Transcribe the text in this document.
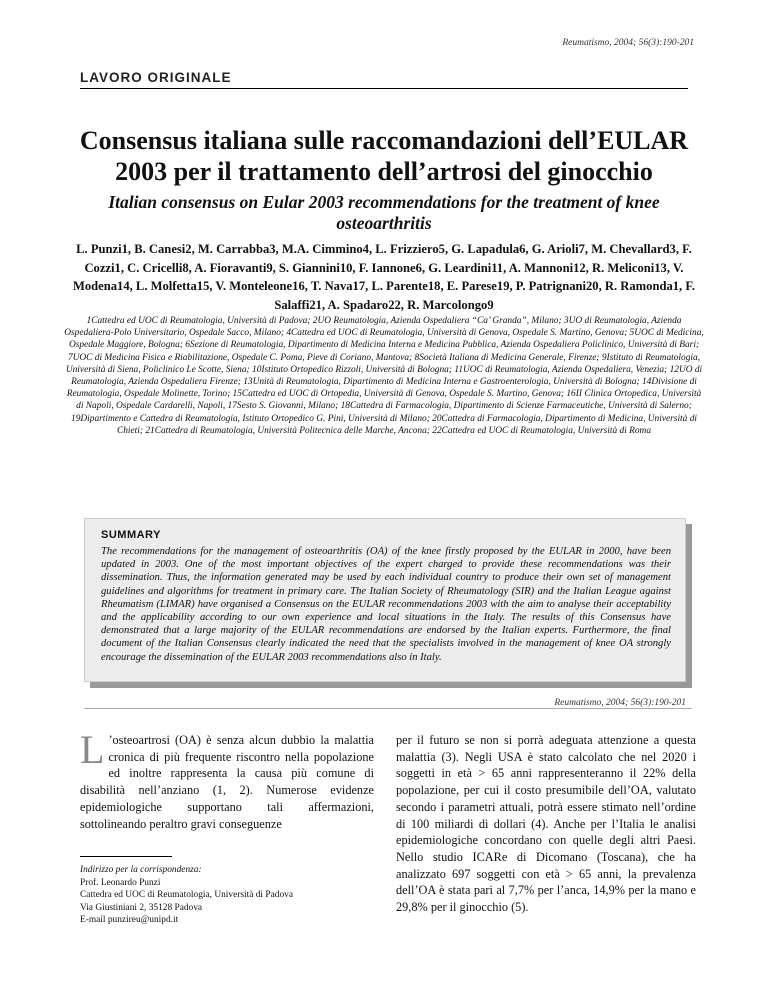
Reumatismo, 2004; 56(3):190-201
LAVORO ORIGINALE
Consensus italiana sulle raccomandazioni dell’EULAR 2003 per il trattamento dell’artrosi del ginocchio
Italian consensus on Eular 2003 recommendations for the treatment of knee osteoarthritis
L. Punzi1, B. Canesi2, M. Carrabba3, M.A. Cimmino4, L. Frizziero5, G. Lapadula6, G. Arioli7, M. Chevallard3, F. Cozzi1, C. Cricelli8, A. Fioravanti9, S. Giannini10, F. Iannone6, G. Leardini11, A. Mannoni12, R. Meliconi13, V. Modena14, L. Molfetta15, V. Monteleone16, T. Nava17, L. Parente18, E. Parese19, P. Patrignani20, R. Ramonda1, F. Salaffi21, A. Spadaro22, R. Marcolongo9
1Cattedra ed UOC di Reumatologia, Università di Padova; 2UO Reumatologia, Azienda Ospedaliera “Ca’ Granda”, Milano; 3UO di Reumatologia, Azienda Ospedaliera-Polo Universitario, Ospedale Sacco, Milano; 4Cattedra ed UOC di Reumatologia, Università di Genova, Ospedale S. Martino, Genova; 5UOC di Medicina, Ospedale Maggiore, Bologna; 6Sezione di Reumatologia, Dipartimento di Medicina Interna e Medicina Pubblica, Azienda Ospedaliera Policlinico, Università di Bari; 7UOC di Medicina Fisica e Riabilitazione, Ospedale C. Poma, Pieve di Coriano, Mantova; 8Società Italiana di Medicina Generale, Firenze; 9Istituto di Reumatologia, Università di Siena, Policlinico Le Scotte, Siena; 10Istituto Ortopedico Rizzoli, Università di Bologna; 11UOC di Reumatologia, Azienda Ospedaliera, Venezia; 12UO di Reumatologia, Azienda Ospedaliera Firenze; 13Unità di Reumatologia, Dipartimento di Medicina Interna e Gastroenterologia, Università di Bologna; 14Divisione di Reumatologia, Ospedale Molinette, Torino; 15Cattedra ed UOC di Ortopedia, Università di Genova, Ospedale S. Martino, Genova; 16II Clinica Ortopedica, Università di Napoli, Ospedale Cardarelli, Napoli, 17Sesto S. Giovanni, Milano; 18Cattedra di Farmacologia, Dipartimento di Scienze Farmaceutiche, Università di Salerno; 19Dipartimento e Cattedra di Reumatologia, Istituto Ortopedico G. Pini, Università di Milano; 20Cattedra di Farmacologia, Dipartimento di Medicina, Università di Chieti; 21Cattedra di Reumatologia, Università Politecnica delle Marche, Ancona; 22Cattedra ed UOC di Reumatologia, Università di Roma

SUMMARY

The recommendations for the management of osteoarthritis (OA) of the knee firstly proposed by the EULAR in 2000, have been updated in 2003. One of the most important objectives of the expert charged to provide these recommendations was their dissemination. Thus, the information generated may be used by each individual country to produce their own set of management guidelines and algorithms for treatment in primary care. The Italian Society of Rheumatology (SIR) and the Italian League against Rheumatism (LIMAR) have organised a Consensus on the EULAR recommendations 2003 with the aim to analyse their acceptability and the applicability according to our own experience and local situations in the Italy. The results of this Consensus have demonstrated that a large majority of the EULAR recommendations are endorsed by the Italian experts. Furthermore, the final document of the Italian Consensus clearly indicated the need that the specialists involved in the management of knee OA strongly encourage the dissemination of the EULAR 2003 recommendations also in Italy.

Reumatismo, 2004; 56(3):190-201
L ’osteoartrosi (OA) è senza alcun dubbio la malattia cronica di più frequente riscontro nella popolazione ed inoltre rappresenta la causa più comune di disabilità nell’anziano (1, 2). Numerose evidenze epidemiologiche supportano tali affermazioni, sottolineando peraltro gravi conseguenze
Indirizzo per la corrispondenza:
Prof. Leonardo Punzi
Cattedra ed UOC di Reumatologia, Università di Padova
Via Giustiniani 2, 35128 Padova
E-mail punzireu@unipd.it
per il futuro se non si porrà adeguata attenzione a questa malattia (3). Negli USA è stato calcolato che nel 2020 i soggetti in età > 65 anni rappresenteranno il 22% della popolazione, per cui il costo presumibile dell’OA, valutato secondo i parametri attuali, potrà essere stimato nell’ordine di 100 miliardi di dollari (4). Anche per l’Italia le analisi epidemiologiche concordano con quelle degli altri Paesi. Nello studio ICARe di Dicomano (Toscana), che ha analizzato 697 soggetti con età > 65 anni, la prevalenza dell’OA è stata pari al 7,7% per l’anca, 14,9% per la mano e 29,8% per il ginocchio (5).
